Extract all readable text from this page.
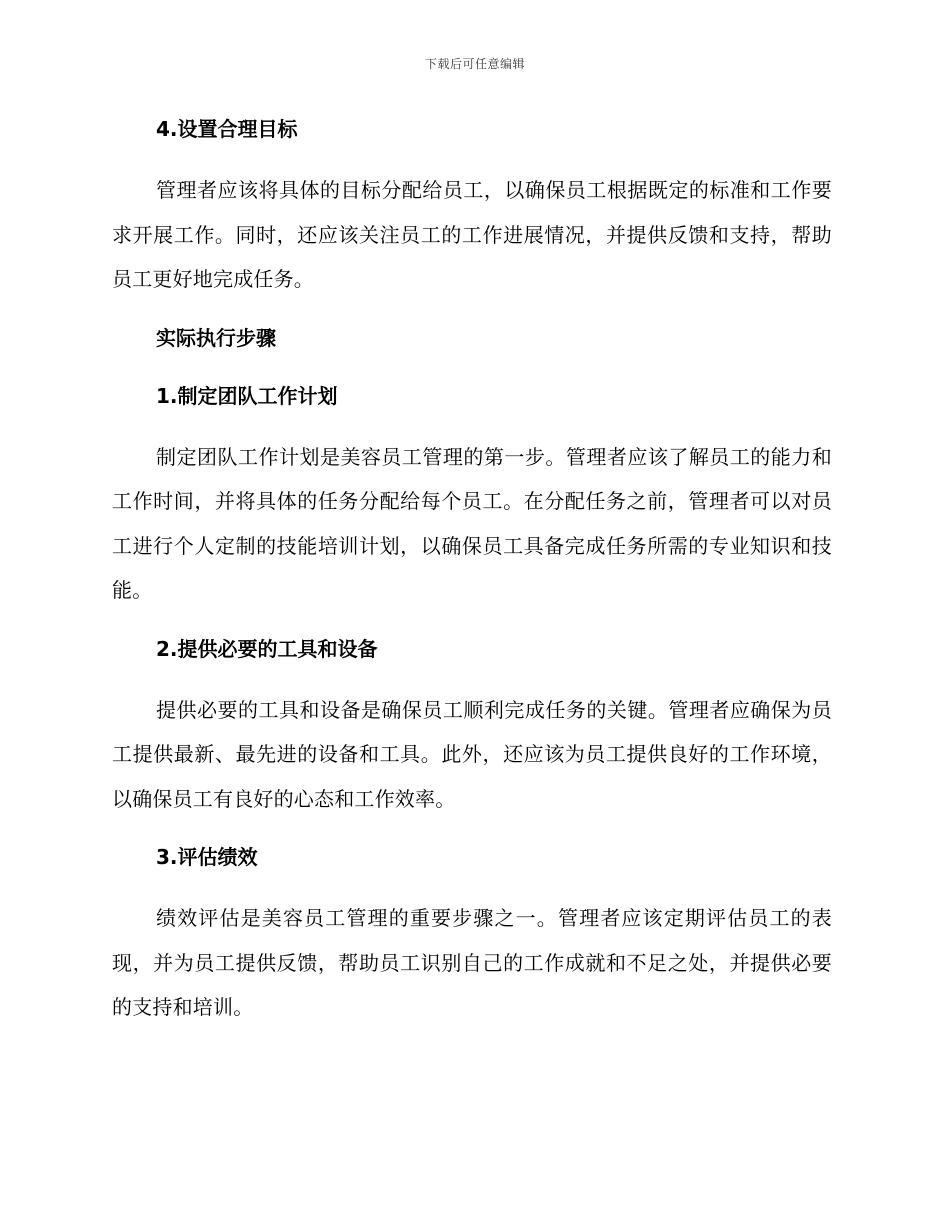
下载后可任意编辑
4.设置合理目标

管理者应该将具体的目标分配给员工，以确保员工根据既定的标准和工作要求开展工作。同时，还应该关注员工的工作进展情况，并提供反馈和支持，帮助员工更好地完成任务。

实际执行步骤
1.制定团队工作计划

制定团队工作计划是美容员工管理的第一步。管理者应该了解员工的能力和工作时间，并将具体的任务分配给每个员工。在分配任务之前，管理者可以对员工进行个人定制的技能培训计划，以确保员工具备完成任务所需的专业知识和技能。

2.提供必要的工具和设备

提供必要的工具和设备是确保员工顺利完成任务的关键。管理者应确保为员工提供最新、最先进的设备和工具。此外，还应该为员工提供良好的工作环境，以确保员工有良好的心态和工作效率。

3.评估绩效

绩效评估是美容员工管理的重要步骤之一。管理者应该定期评估员工的表现，并为员工提供反馈，帮助员工识别自己的工作成就和不足之处，并提供必要的支持和培训。
